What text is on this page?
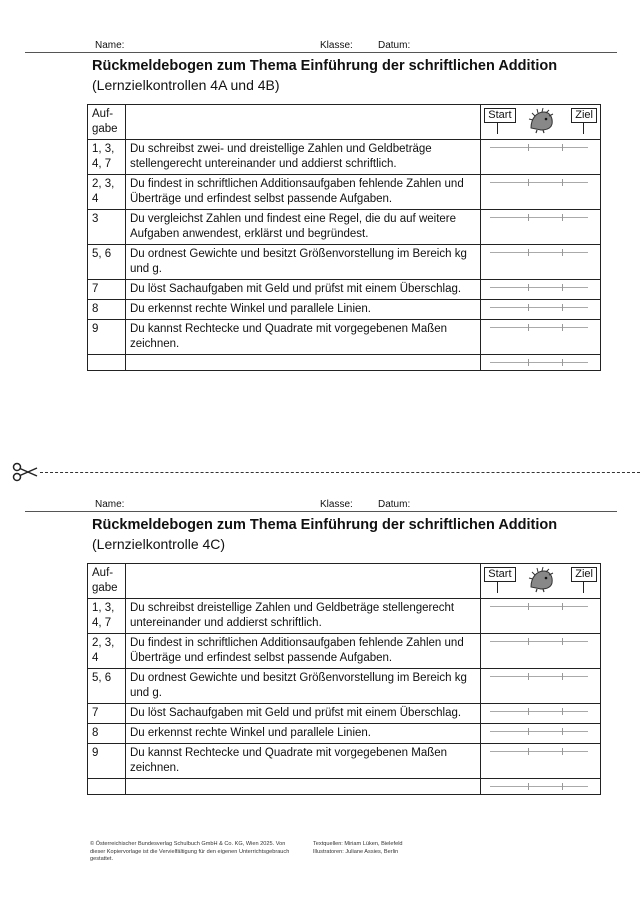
Name:	Klasse:	Datum:
Rückmeldebogen zum Thema Einführung der schriftlichen Addition
(Lernzielkontrollen 4A und 4B)
Auf-
gabe		Start Ziel

1, 3, 4, 7	Du schreibst zwei- und dreistellige Zahlen und Geldbeträge stellengerecht untereinander und addierst schriftlich.	

2, 3, 4	Du findest in schriftlichen Additionsaufgaben fehlende Zahlen und Überträge und erfindest selbst passende Aufgaben.	

3	Du vergleichst Zahlen und findest eine Regel, die du auf weitere Aufgaben anwendest, erklärst und begründest.	

5, 6	Du ordnest Gewichte und besitzt Größenvorstellung im Bereich kg und g.	

7	Du löst Sachaufgaben mit Geld und prüfst mit einem Überschlag.	

8	Du erkennst rechte Winkel und parallele Linien.	

9	Du kannst Rechtecke und Quadrate mit vorgegebenen Maßen zeichnen.	

Name:	Klasse:	Datum:
Rückmeldebogen zum Thema Einführung der schriftlichen Addition
(Lernzielkontrolle 4C)
Auf-
gabe		Start Ziel

1, 3, 4, 7	Du schreibst dreistellige Zahlen und Geldbeträge stellengerecht untereinander und addierst schriftlich.	

2, 3, 4	Du findest in schriftlichen Additionsaufgaben fehlende Zahlen und Überträge und erfindest selbst passende Aufgaben.	

5, 6	Du ordnest Gewichte und besitzt Größenvorstellung im Bereich kg und g.	

7	Du löst Sachaufgaben mit Geld und prüfst mit einem Überschlag.	

8	Du erkennst rechte Winkel und parallele Linien.	

9	Du kannst Rechtecke und Quadrate mit vorgegebenen Maßen zeichnen.	

© Österreichischer Bundesverlag Schulbuch GmbH & Co. KG, Wien 2025. Von dieser Kopiervorlage ist die Vervielfältigung für den eigenen Unterrichtsgebrauch gestattet.
Textquellen: Miriam Lüken, Bielefeld
Illustratoren: Juliane Assies, Berlin
